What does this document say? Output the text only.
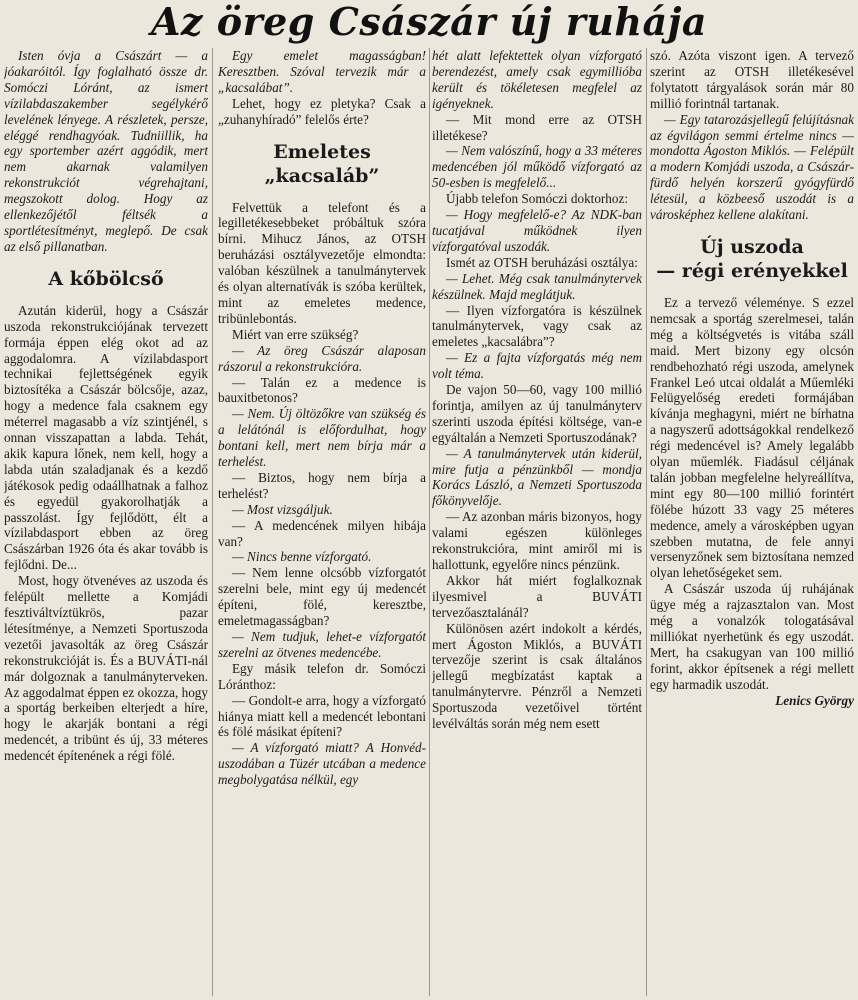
Az öreg Császár új ruhája

Isten óvja a Császárt — a jóakaróitól. Így foglalható össze dr. Somóczi Lóránt, az ismert vízilabdaszakember segélykérő levelének lényege. A részletek, persze, eléggé rendhagyóak. Tudniillik, ha egy sportember azért aggódik, mert nem akarnak valamilyen rekonstrukciót végrehajtani, megszokott dolog. Hogy az ellenkezőjétől féltsék a sportlétesítményt, meglepő. De csak az első pillanatban.

A kőbölcső

Azután kiderül, hogy a Császár uszoda rekonstrukciójának tervezett formája éppen elég okot ad az aggodalomra. A vízilabdasport technikai fejlettségének egyik biztosítéka a Császár bölcsője, azaz, hogy a medence fala csaknem egy méterrel magasabb a víz szintjénél, s onnan visszapattan a labda. Tehát, akik kapura lőnek, nem kell, hogy a labda után szaladjanak és a kezdő játékosok pedig odaállhatnak a falhoz és egyedül gyakorolhatják a passzolást. Így fejlődött, élt a vízilabdasport ebben az öreg Császárban 1926 óta és akar tovább is fejlődni. De...

Most, hogy ötvenéves az uszoda és felépült mellette a Komjádi fesztiváltvíztükrös, pazar létesítménye, a Nemzeti Sportuszoda vezetői javasolták az öreg Császár rekonstrukcióját is. És a BUVÁTI-nál már dolgoznak a tanulmányterveken. Az aggodalmat éppen ez okozza, hogy a sportág berkeiben elterjedt a híre, hogy le akarják bontani a régi medencét, a tribünt és új, 33 méteres medencét építenének a régi fölé.

Egy emelet magasságban! Keresztben. Szóval tervezik már a „kacsalábat”.

Lehet, hogy ez pletyka? Csak a „zuhanyhíradó” felelős érte?

Emeletes
„kacsaláb”

Felvettük a telefont és a legilletékesebbeket próbáltuk szóra bírni. Mihucz János, az OTSH beruházási osztályvezetője elmondta: valóban készülnek a tanulmánytervek és olyan alternatívák is szóba kerültek, mint az emeletes medence, tribünlebontás.

Miért van erre szükség?

— Az öreg Császár alaposan rászorul a rekonstrukcióra.

— Talán ez a medence is bauxitbetonos?

— Nem. Új öltözőkre van szükség és a lelátónál is előfordulhat, hogy bontani kell, mert nem bírja már a terhelést.

— Biztos, hogy nem bírja a terhelést?

— Most vizsgáljuk.

— A medencének milyen hibája van?

— Nincs benne vízforgató.

— Nem lenne olcsóbb vízforgatót szerelni bele, mint egy új medencét építeni, fölé, keresztbe, emeletmagasságban?

— Nem tudjuk, lehet-e vízforgatót szerelni az ötvenes medencébe.

Egy másik telefon dr. Somóczi Lóránthoz:

— Gondolt-e arra, hogy a vízforgató hiánya miatt kell a medencét lebontani és fölé másikat építeni?

— A vízforgató miatt? A Honvéd-uszodában a Tüzér utcában a medence megbolygatása nélkül, egy

hét alatt lefektettek olyan vízforgató berendezést, amely csak egymillióba került és tökéletesen megfelel az igényeknek.

— Mit mond erre az OTSH illetékese?

— Nem valószínű, hogy a 33 méteres medencében jól működő vízforgató az 50-esben is megfelelő...

Újabb telefon Somóczi doktorhoz:

— Hogy megfelelő-e? Az NDK-ban tucatjával működnek ilyen vízforgatóval uszodák.

Ismét az OTSH beruházási osztálya:

— Lehet. Még csak tanulmánytervek készülnek. Majd meglátjuk.

— Ilyen vízforgatóra is készülnek tanulmánytervek, vagy csak az emeletes „kacsalábra”?

— Ez a fajta vízforgatás még nem volt téma.

De vajon 50—60, vagy 100 millió forintja, amilyen az új tanulmányterv szerinti uszoda építési költsége, van-e egyáltalán a Nemzeti Sportuszodának?

— A tanulmánytervek után kiderül, mire futja a pénzünkből — mondja Korács László, a Nemzeti Sportuszoda főkönyvelője.

— Az azonban máris bizonyos, hogy valami egészen különleges rekonstrukcióra, mint amiről mi is hallottunk, egyelőre nincs pénzünk.

Akkor hát miért foglalkoznak ilyesmivel a BUVÁTI tervezőasztalánál?

Különösen azért indokolt a kérdés, mert Ágoston Miklós, a BUVÁTI tervezője szerint is csak általános jellegű megbízatást kaptak a tanulmánytervre. Pénzről a Nemzeti Sportuszoda vezetőivel történt levélváltás során még nem esett

szó. Azóta viszont igen. A tervező szerint az OTSH illetékesével folytatott tárgyalások során már 80 millió forintnál tartanak.

— Egy tatarozásjellegű felújításnak az égvilágon semmi értelme nincs — mondotta Ágoston Miklós. — Felépült a modern Komjádi uszoda, a Császár-fürdő helyén korszerű gyógyfürdő létesül, a közbeeső uszodát is a városképhez kellene alakítani.

Új uszoda
— régi erényekkel

Ez a tervező véleménye. S ezzel nemcsak a sportág szerelmesei, talán még a költségvetés is vitába száll maid. Mert bizony egy olcsón rendbehozható régi uszoda, amelynek Frankel Leó utcai oldalát a Műemléki Felügyelőség eredeti formájában kívánja meghagyni, miért ne bírhatna a nagyszerű adottságokkal rendelkező régi medencével is? Amely legalább olyan műemlék. Fiadásul céljának talán jobban megfelelne helyreállítva, mint egy 80—100 millió forintért fölébe húzott 33 vagy 25 méteres medence, amely a városképben ugyan szebben mutatna, de fele annyi versenyzőnek sem biztosítana nemzed olyan lehetőségeket sem.

A Császár uszoda új ruhájának ügye még a rajzasztalon van. Most még a vonalzók tologatásával milliókat nyerhetünk és egy uszodát. Mert, ha csakugyan van 100 millió forint, akkor építsenek a régi mellett egy harmadik uszodát.

Lenics György
